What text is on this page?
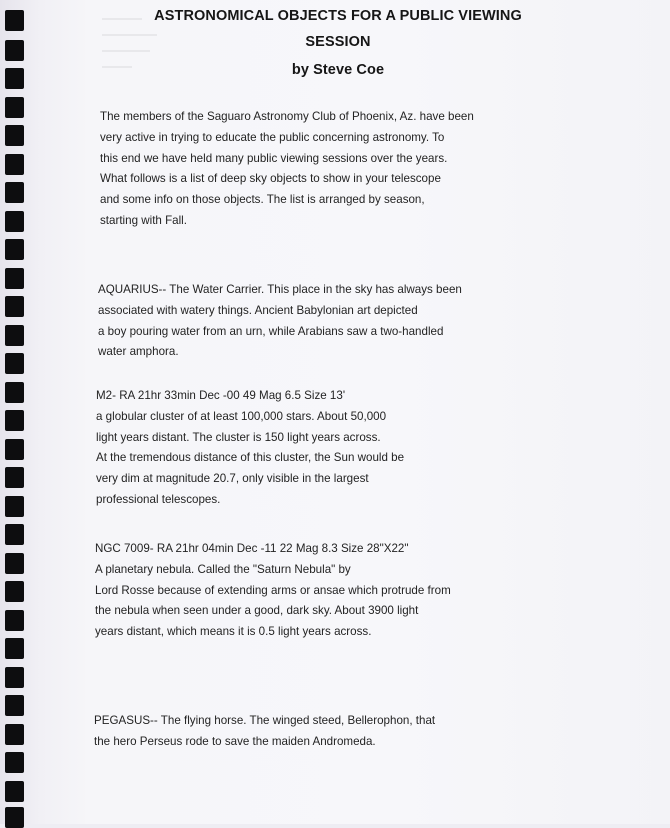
ASTRONOMICAL OBJECTS FOR A PUBLIC VIEWING
SESSION
by Steve Coe
The members of the Saguaro Astronomy Club of Phoenix, Az. have been
very active in trying to educate the public concerning astronomy. To
this end we have held many public viewing sessions over the years.
What follows is a list of deep sky objects to show in your telescope
and some info on those objects. The list is arranged by season,
starting with Fall.
AQUARIUS-- The Water Carrier. This place in the sky has always been
associated with watery things. Ancient Babylonian art depicted
a boy pouring water from an urn, while Arabians saw a two-handled
water amphora.
M2- RA 21hr 33min Dec -00 49 Mag 6.5 Size 13'
a globular cluster of at least 100,000 stars. About 50,000
light years distant. The cluster is 150 light years across.
At the tremendous distance of this cluster, the Sun would be
very dim at magnitude 20.7, only visible in the largest
professional telescopes.
NGC 7009- RA 21hr 04min Dec -11 22 Mag 8.3 Size 28"X22"
A planetary nebula. Called the "Saturn Nebula" by
Lord Rosse because of extending arms or ansae which protrude from
the nebula when seen under a good, dark sky. About 3900 light
years distant, which means it is 0.5 light years across.
PEGASUS-- The flying horse. The winged steed, Bellerophon, that
the hero Perseus rode to save the maiden Andromeda.
